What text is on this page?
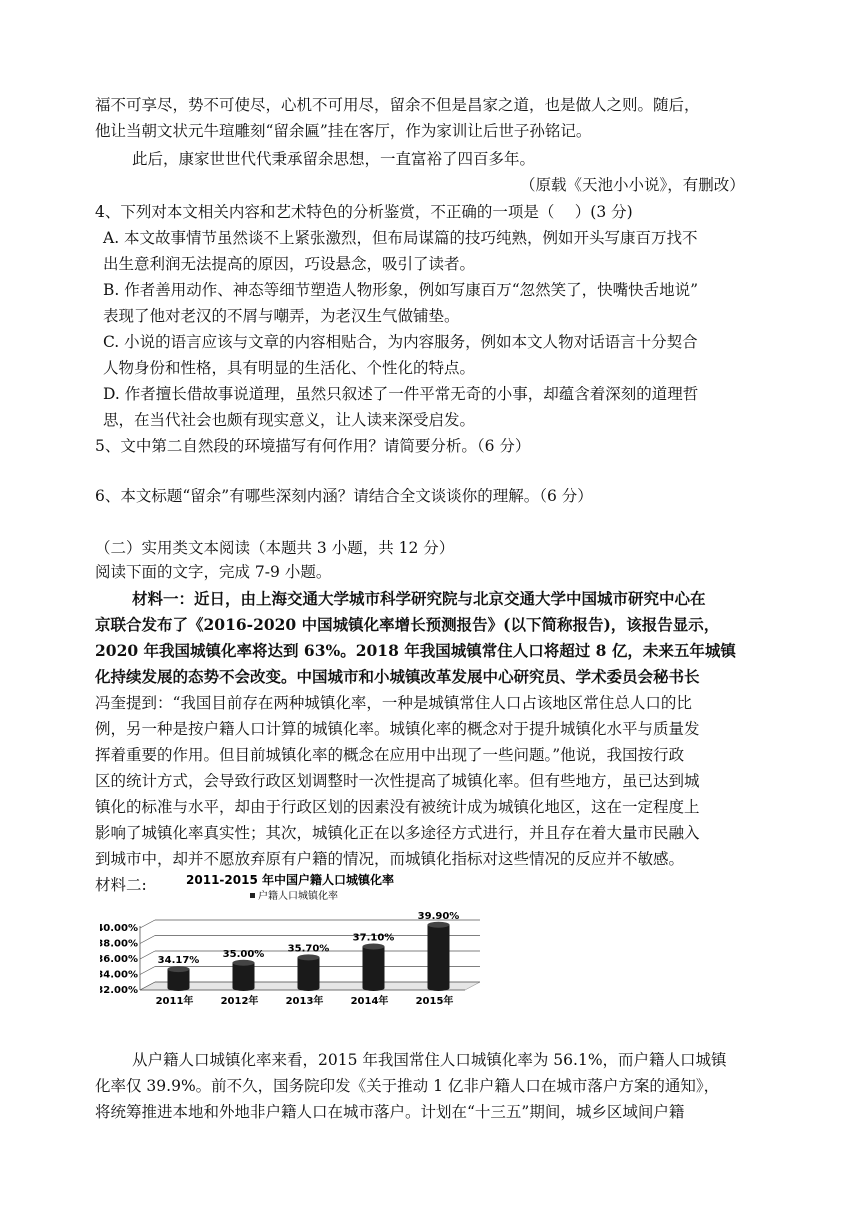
福不可享尽，势不可使尽，心机不可用尽，留余不但是昌家之道，也是做人之则。随后，
他让当朝文状元牛瑄雕刻“留余匾”挂在客厅，作为家训让后世子孙铭记。
此后，康家世世代代秉承留余思想，一直富裕了四百多年。
（原载《天池小小说》，有删改）
4、下列对本文相关内容和艺术特色的分析鉴赏，不正确的一项是（　 ）(3 分)
A. 本文故事情节虽然谈不上紧张激烈，但布局谋篇的技巧纯熟，例如开头写康百万找不
出生意利润无法提高的原因，巧设悬念，吸引了读者。
B. 作者善用动作、神态等细节塑造人物形象，例如写康百万“忽然笑了，快嘴快舌地说”
表现了他对老汉的不屑与嘲弄，为老汉生气做铺垫。
C. 小说的语言应该与文章的内容相贴合，为内容服务，例如本文人物对话语言十分契合
人物身份和性格，具有明显的生活化、个性化的特点。
D. 作者擅长借故事说道理，虽然只叙述了一件平常无奇的小事，却蕴含着深刻的道理哲
思，在当代社会也颇有现实意义，让人读来深受启发。
5、文中第二自然段的环境描写有何作用？请简要分析。（6 分）
6、本文标题“留余”有哪些深刻内涵？请结合全文谈谈你的理解。（6 分）
（二）实用类文本阅读（本题共 3 小题，共 12 分）
阅读下面的文字，完成 7-9 小题。
材料一：近日，由上海交通大学城市科学研究院与北京交通大学中国城市研究中心在
京联合发布了《2016-2020 中国城镇化率增长预测报告》(以下简称报告)，该报告显示，
2020 年我国城镇化率将达到 63%。2018 年我国城镇常住人口将超过 8 亿，未来五年城镇
化持续发展的态势不会改变。中国城市和小城镇改革发展中心研究员、学术委员会秘书长
冯奎提到：“我国目前存在两种城镇化率，一种是城镇常住人口占该地区常住总人口的比
例，另一种是按户籍人口计算的城镇化率。城镇化率的概念对于提升城镇化水平与质量发
挥着重要的作用。但目前城镇化率的概念在应用中出现了一些问题。”他说，我国按行政
区的统计方式，会导致行政区划调整时一次性提高了城镇化率。但有些地方，虽已达到城
镇化的标准与水平，却由于行政区划的因素没有被统计成为城镇化地区，这在一定程度上
影响了城镇化率真实性；其次，城镇化正在以多途径方式进行，并且存在着大量市民融入
到城市中，却并不愿放弃原有户籍的情况，而城镇化指标对这些情况的反应并不敏感。
材料二:
从户籍人口城镇化率来看，2015 年我国常住人口城镇化率为 56.1%，而户籍人口城镇
化率仅 39.9%。前不久，国务院印发《关于推动 1 亿非户籍人口在城市落户方案的通知》，
将统筹推进本地和外地非户籍人口在城市落户。计划在“十三五”期间，城乡区域间户籍
2011-2015 年中国户籍人口城镇化率
户籍人口城镇化率
32.00%
34.00%
36.00%
38.00%
40.00%
34.17%
2011年
35.00%
2012年
35.70%
2013年
37.10%
2014年
39.90%
2015年
